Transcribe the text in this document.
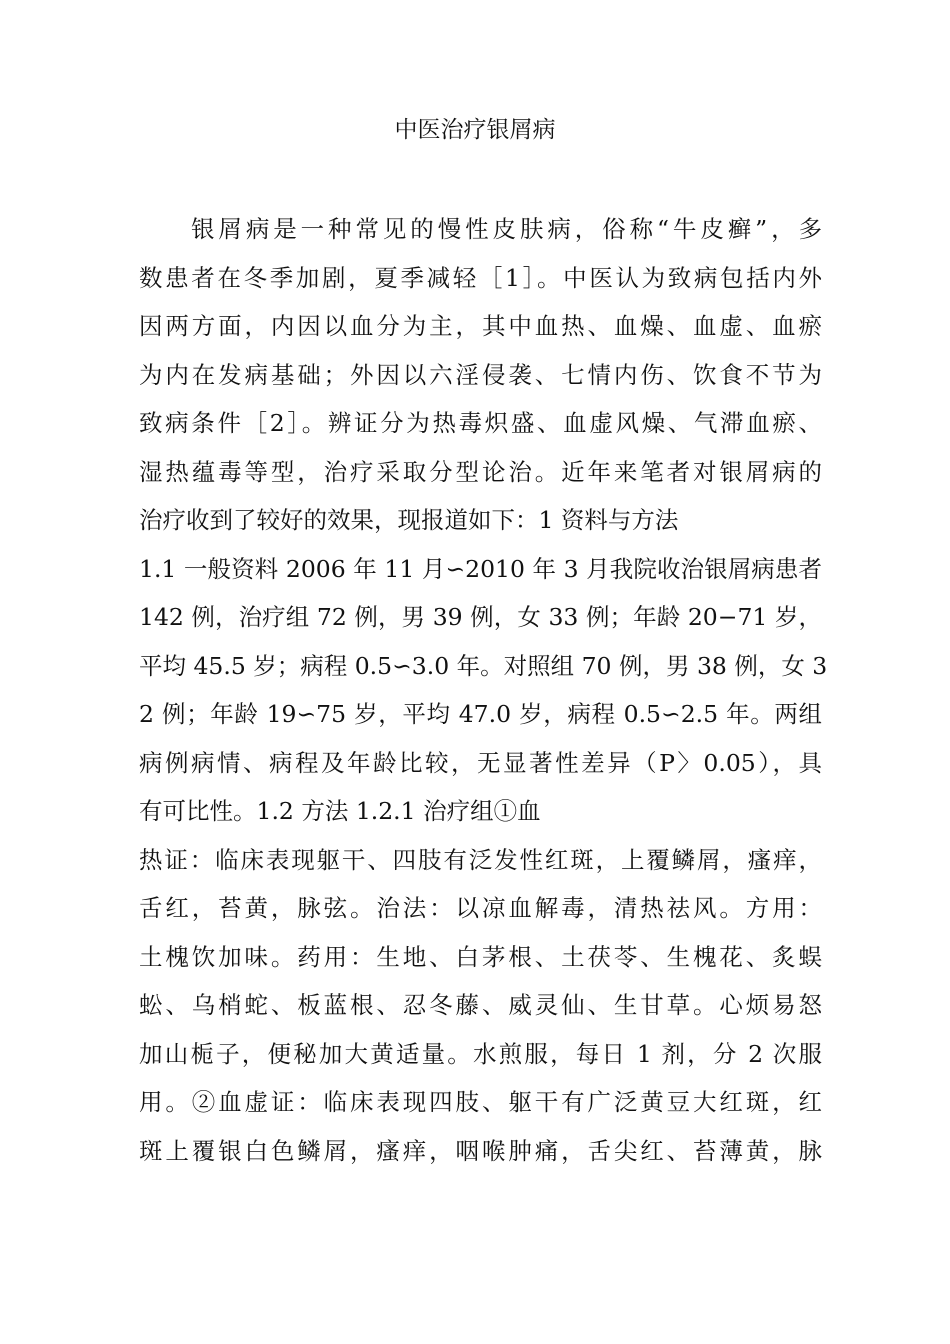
中医治疗银屑病
银屑病是一种常见的慢性皮肤病，俗称“牛皮癣”，多
数患者在冬季加剧，夏季减轻［1］。中医认为致病包括内外
因两方面，内因以血分为主，其中血热、血燥、血虚、血瘀
为内在发病基础；外因以六淫侵袭、七情内伤、饮食不节为
致病条件［2］。辨证分为热毒炽盛、血虚风燥、气滞血瘀、
湿热蕴毒等型，治疗采取分型论治。近年来笔者对银屑病的
治疗收到了较好的效果，现报道如下：1 资料与方法
1.1 一般资料 2006 年 11 月∽2010 年 3 月我院收治银屑病患者
142 例，治疗组 72 例，男 39 例，女 33 例；年龄 20−71 岁，
平均 45.5 岁；病程 0.5∽3.0 年。对照组 70 例，男 38 例，女 3
2 例；年龄 19∽75 岁，平均 47.0 岁，病程 0.5∽2.5 年。两组
病例病情、病程及年龄比较，无显著性差异（P〉0.05），具
有可比性。1.2 方法 1.2.1 治疗组①血
热证：临床表现躯干、四肢有泛发性红斑，上覆鳞屑，瘙痒，
舌红，苔黄，脉弦。治法：以凉血解毒，清热祛风。方用：
土槐饮加味。药用：生地、白茅根、土茯苓、生槐花、炙蜈
蚣、乌梢蛇、板蓝根、忍冬藤、威灵仙、生甘草。心烦易怒
加山栀子，便秘加大黄适量。水煎服，每日 1 剂，分 2 次服
用。②血虚证：临床表现四肢、躯干有广泛黄豆大红斑，红
斑上覆银白色鳞屑，瘙痒，咽喉肿痛，舌尖红、苔薄黄，脉
